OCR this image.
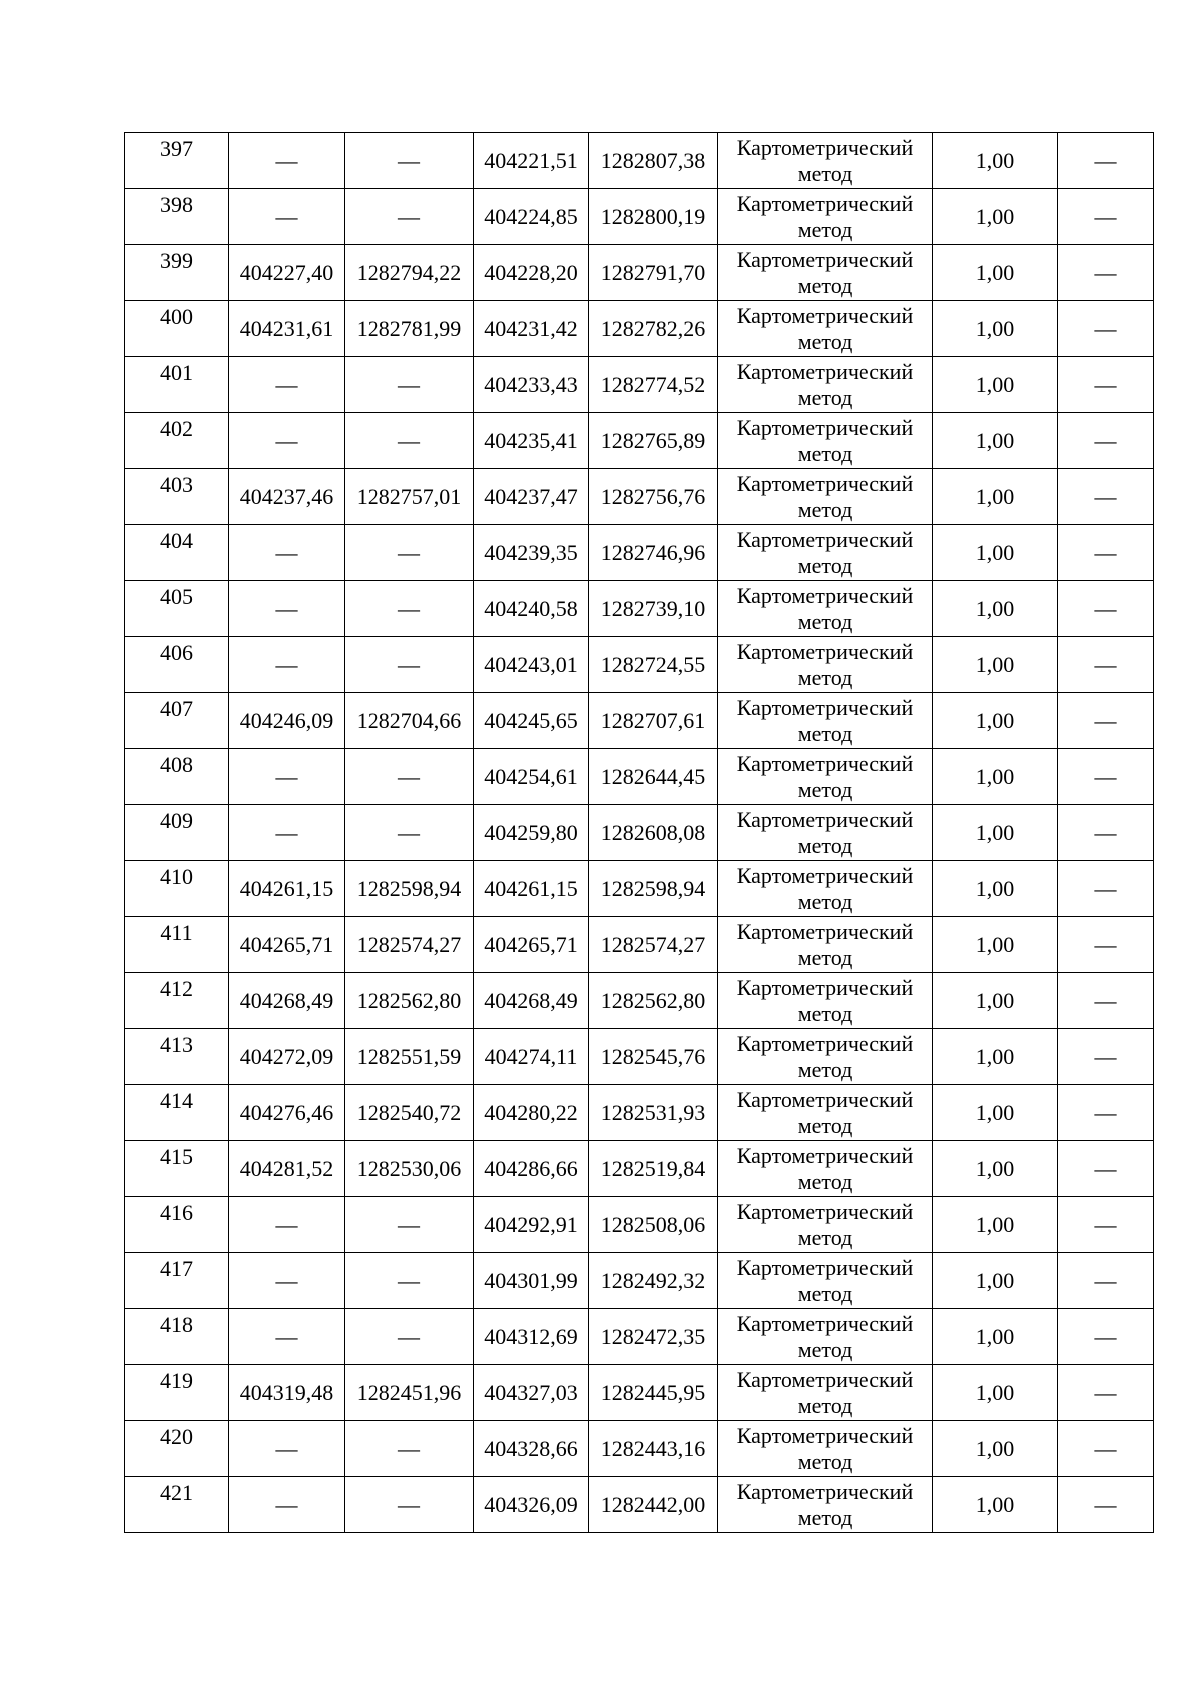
397	—	—	404221,51	1282807,38	Картометрический метод	1,00	—
398	—	—	404224,85	1282800,19	Картометрический метод	1,00	—
399	404227,40	1282794,22	404228,20	1282791,70	Картометрический метод	1,00	—
400	404231,61	1282781,99	404231,42	1282782,26	Картометрический метод	1,00	—
401	—	—	404233,43	1282774,52	Картометрический метод	1,00	—
402	—	—	404235,41	1282765,89	Картометрический метод	1,00	—
403	404237,46	1282757,01	404237,47	1282756,76	Картометрический метод	1,00	—
404	—	—	404239,35	1282746,96	Картометрический метод	1,00	—
405	—	—	404240,58	1282739,10	Картометрический метод	1,00	—
406	—	—	404243,01	1282724,55	Картометрический метод	1,00	—
407	404246,09	1282704,66	404245,65	1282707,61	Картометрический метод	1,00	—
408	—	—	404254,61	1282644,45	Картометрический метод	1,00	—
409	—	—	404259,80	1282608,08	Картометрический метод	1,00	—
410	404261,15	1282598,94	404261,15	1282598,94	Картометрический метод	1,00	—
411	404265,71	1282574,27	404265,71	1282574,27	Картометрический метод	1,00	—
412	404268,49	1282562,80	404268,49	1282562,80	Картометрический метод	1,00	—
413	404272,09	1282551,59	404274,11	1282545,76	Картометрический метод	1,00	—
414	404276,46	1282540,72	404280,22	1282531,93	Картометрический метод	1,00	—
415	404281,52	1282530,06	404286,66	1282519,84	Картометрический метод	1,00	—
416	—	—	404292,91	1282508,06	Картометрический метод	1,00	—
417	—	—	404301,99	1282492,32	Картометрический метод	1,00	—
418	—	—	404312,69	1282472,35	Картометрический метод	1,00	—
419	404319,48	1282451,96	404327,03	1282445,95	Картометрический метод	1,00	—
420	—	—	404328,66	1282443,16	Картометрический метод	1,00	—
421	—	—	404326,09	1282442,00	Картометрический метод	1,00	—
